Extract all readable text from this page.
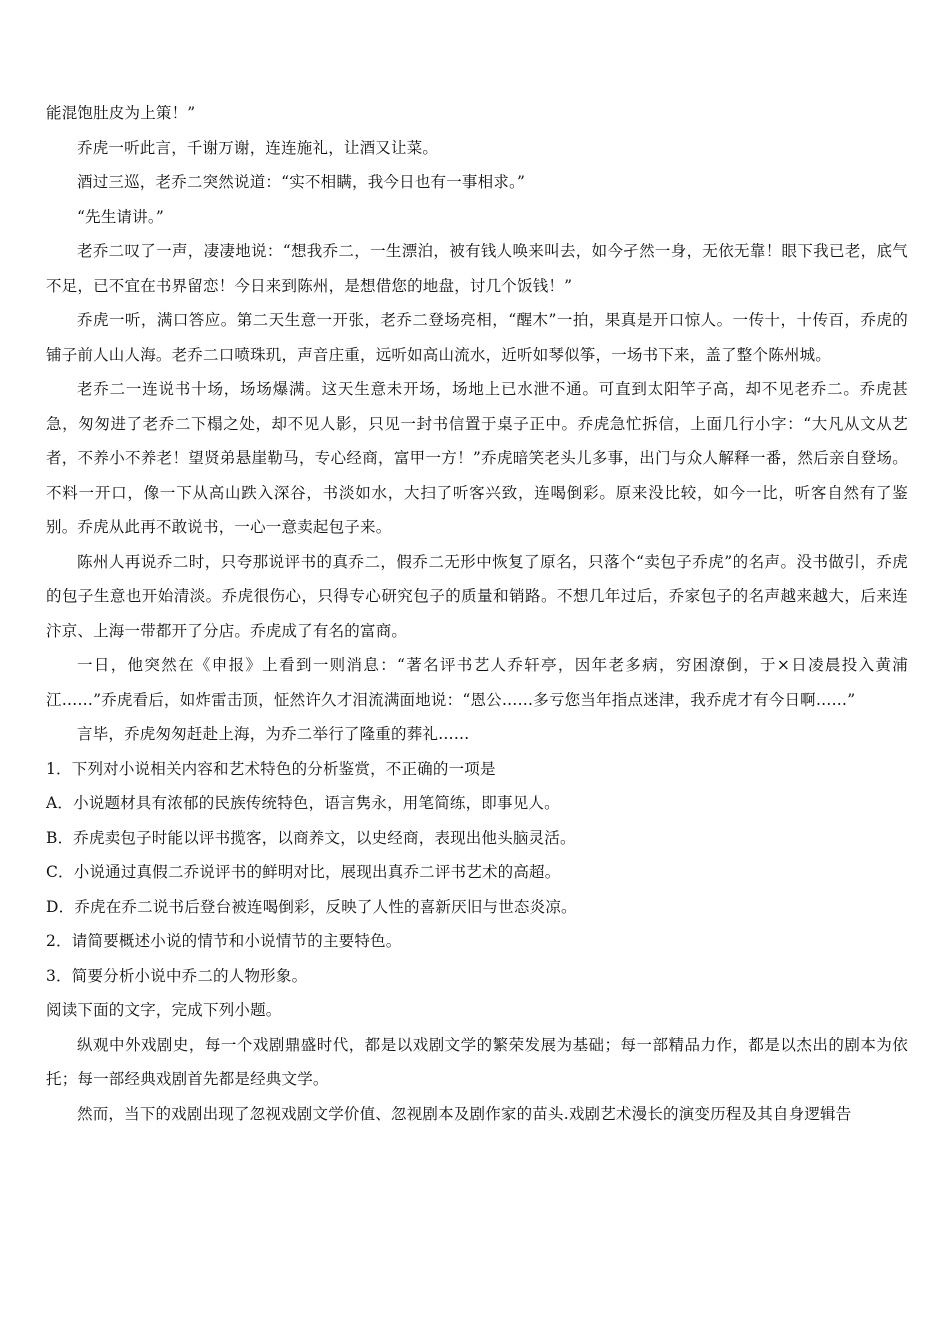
能混饱肚皮为上策！”

乔虎一听此言，千谢万谢，连连施礼，让酒又让菜。

酒过三巡，老乔二突然说道：“实不相瞒，我今日也有一事相求。”

“先生请讲。”

老乔二叹了一声，凄凄地说：“想我乔二，一生漂泊，被有钱人唤来叫去，如今孑然一身，无依无靠！眼下我已老，底气不足，已不宜在书界留恋！今日来到陈州，是想借您的地盘，讨几个饭钱！”

乔虎一听，满口答应。第二天生意一开张，老乔二登场亮相，“醒木”一拍，果真是开口惊人。一传十，十传百，乔虎的铺子前人山人海。老乔二口喷珠玑，声音庄重，远听如高山流水，近听如琴似筝，一场书下来，盖了整个陈州城。

老乔二一连说书十场，场场爆满。这天生意未开场，场地上已水泄不通。可直到太阳竿子高，却不见老乔二。乔虎甚急，匆匆进了老乔二下榻之处，却不见人影，只见一封书信置于桌子正中。乔虎急忙拆信，上面几行小字：“大凡从文从艺者，不养小不养老！望贤弟悬崖勒马，专心经商，富甲一方！”乔虎暗笑老头儿多事，出门与众人解释一番，然后亲自登场。不料一开口，像一下从高山跌入深谷，书淡如水，大扫了听客兴致，连喝倒彩。原来没比较，如今一比，听客自然有了鉴别。乔虎从此再不敢说书，一心一意卖起包子来。

陈州人再说乔二时，只夸那说评书的真乔二，假乔二无形中恢复了原名，只落个“卖包子乔虎”的名声。没书做引，乔虎的包子生意也开始清淡。乔虎很伤心，只得专心研究包子的质量和销路。不想几年过后，乔家包子的名声越来越大，后来连汴京、上海一带都开了分店。乔虎成了有名的富商。

一日，他突然在《申报》上看到一则消息：“著名评书艺人乔轩亭，因年老多病，穷困潦倒，于×日凌晨投入黄浦江……”乔虎看后，如炸雷击顶，怔然许久才泪流满面地说：“恩公……多亏您当年指点迷津，我乔虎才有今日啊……”

言毕，乔虎匆匆赶赴上海，为乔二举行了隆重的葬礼……

1．下列对小说相关内容和艺术特色的分析鉴赏，不正确的一项是

A．小说题材具有浓郁的民族传统特色，语言隽永，用笔简练，即事见人。

B．乔虎卖包子时能以评书揽客，以商养文，以史经商，表现出他头脑灵活。

C．小说通过真假二乔说评书的鲜明对比，展现出真乔二评书艺术的高超。

D．乔虎在乔二说书后登台被连喝倒彩，反映了人性的喜新厌旧与世态炎凉。

2．请简要概述小说的情节和小说情节的主要特色。

3．简要分析小说中乔二的人物形象。

阅读下面的文字，完成下列小题。

纵观中外戏剧史，每一个戏剧鼎盛时代，都是以戏剧文学的繁荣发展为基础；每一部精品力作，都是以杰出的剧本为依托；每一部经典戏剧首先都是经典文学。

然而，当下的戏剧出现了忽视戏剧文学价值、忽视剧本及剧作家的苗头.戏剧艺术漫长的演变历程及其自身逻辑告
